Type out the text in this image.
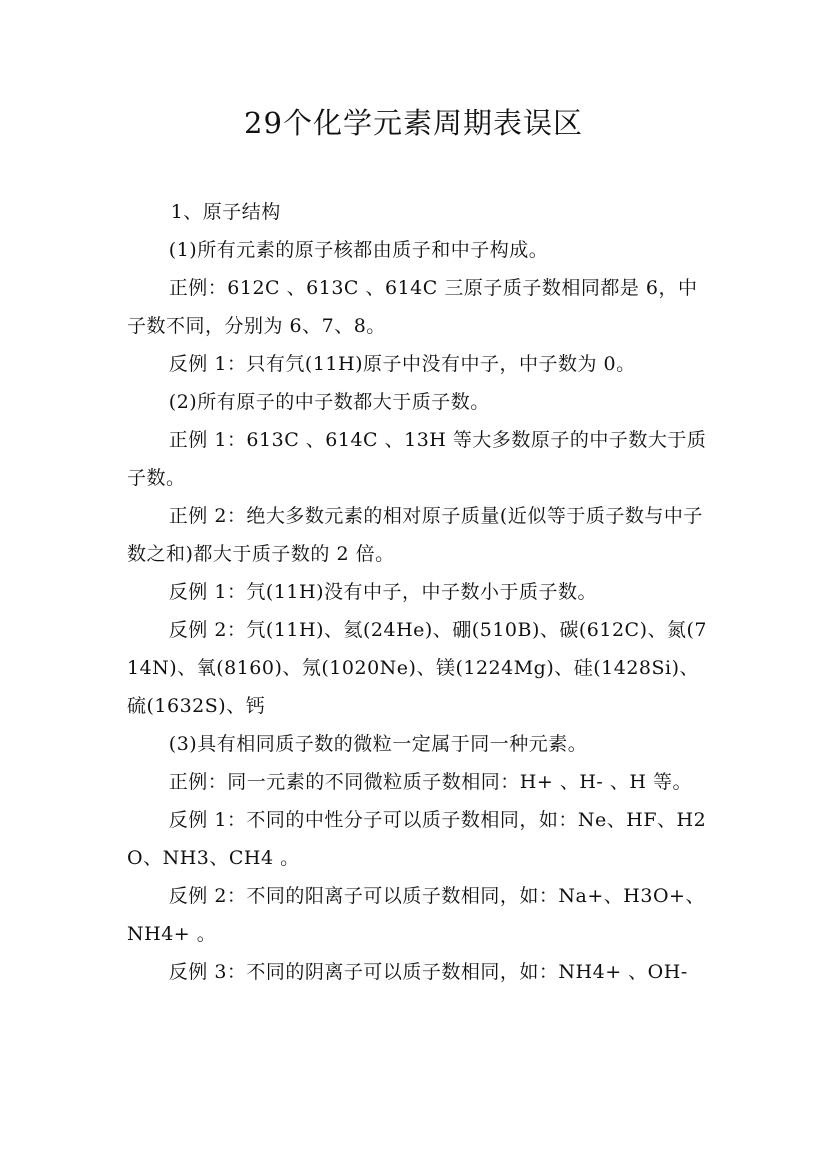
29个化学元素周期表误区

1、原子结构

(1)所有元素的原子核都由质子和中子构成。

正例：612C 、613C 、614C 三原子质子数相同都是 6，中子数不同，分别为 6、7、8。

反例 1：只有氕(11H)原子中没有中子，中子数为 0。

(2)所有原子的中子数都大于质子数。

正例 1：613C 、614C 、13H 等大多数原子的中子数大于质子数。

正例 2：绝大多数元素的相对原子质量(近似等于质子数与中子数之和)都大于质子数的 2 倍。

反例 1：氕(11H)没有中子，中子数小于质子数。

反例 2：氕(11H)、氦(24He)、硼(510B)、碳(612C)、氮(714N)、氧(8160)、氖(1020Ne)、镁(1224Mg)、硅(1428Si)、硫(1632S)、钙

(3)具有相同质子数的微粒一定属于同一种元素。

正例：同一元素的不同微粒质子数相同：H+ 、H- 、H 等。

反例 1：不同的中性分子可以质子数相同，如：Ne、HF、H2O、NH3、CH4 。

反例 2：不同的阳离子可以质子数相同，如：Na+、H3O+、NH4+ 。

反例 3：不同的阴离子可以质子数相同，如：NH4+ 、OH-
